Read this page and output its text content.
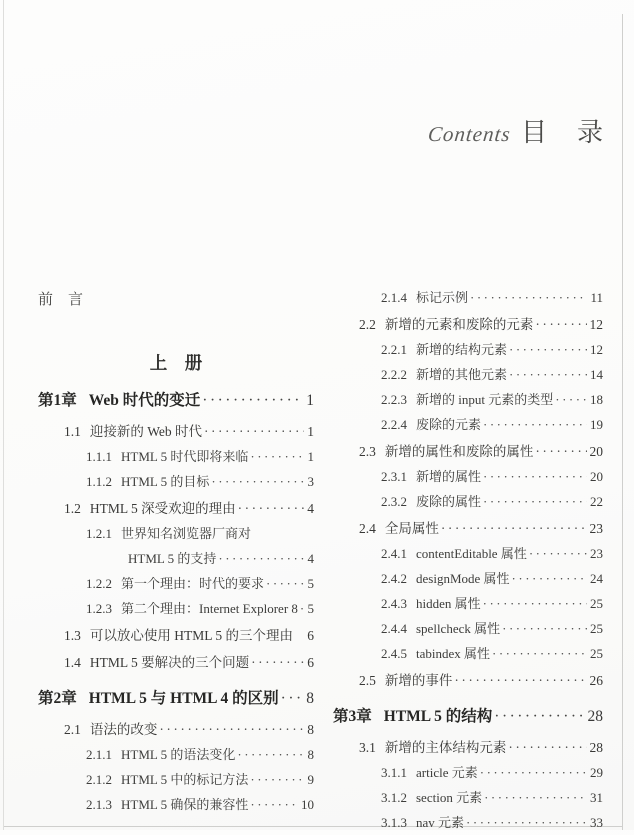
Contents 目　录
前　言
上　册
第1章 Web 时代的变迁 ·····	1
1.1 迎接新的 Web 时代 ·····	1
1.1.1 HTML 5 时代即将来临 ·····	1
1.1.2 HTML 5 的目标 ·····	3
1.2 HTML 5 深受欢迎的理由 ·····	4
1.2.1 世界知名浏览器厂商对
HTML 5 的支持 ·····	4
1.2.2 第一个理由：时代的要求 ·····	5
1.2.3 第二个理由：Internet Explorer 8 ····· 5
1.3 可以放心使用 HTML 5 的三个理由 6
1.4 HTML 5 要解决的三个问题 ·····	6
第2章 HTML 5 与 HTML 4 的区别 ····· 8
2.1 语法的改变 ·····	8
2.1.1 HTML 5 的语法变化 ·····	8
2.1.2 HTML 5 中的标记方法 ·····	9
2.1.3 HTML 5 确保的兼容性 ·····	10
2.1.4 标记示例 ·····	11
2.2 新增的元素和废除的元素 ·····	12
2.2.1 新增的结构元素 ·····	12
2.2.2 新增的其他元素 ·····	14
2.2.3 新增的 input 元素的类型 ·····	18
2.2.4 废除的元素 ·····	19
2.3 新增的属性和废除的属性 ·····	20
2.3.1 新增的属性 ·····	20
2.3.2 废除的属性 ·····	22
2.4 全局属性 ·····	23
2.4.1 contentEditable 属性 ·····	23
2.4.2 designMode 属性 ·····	24
2.4.3 hidden 属性 ·····	25
2.4.4 spellcheck 属性 ·····	25
2.4.5 tabindex 属性 ·····	25
2.5 新增的事件 ·····	26
第3章 HTML 5 的结构 ·····	28
3.1 新增的主体结构元素 ·····	28
3.1.1 article 元素 ·····	29
3.1.2 section 元素 ·····	31
3.1.3 nav 元素 ·····	33
